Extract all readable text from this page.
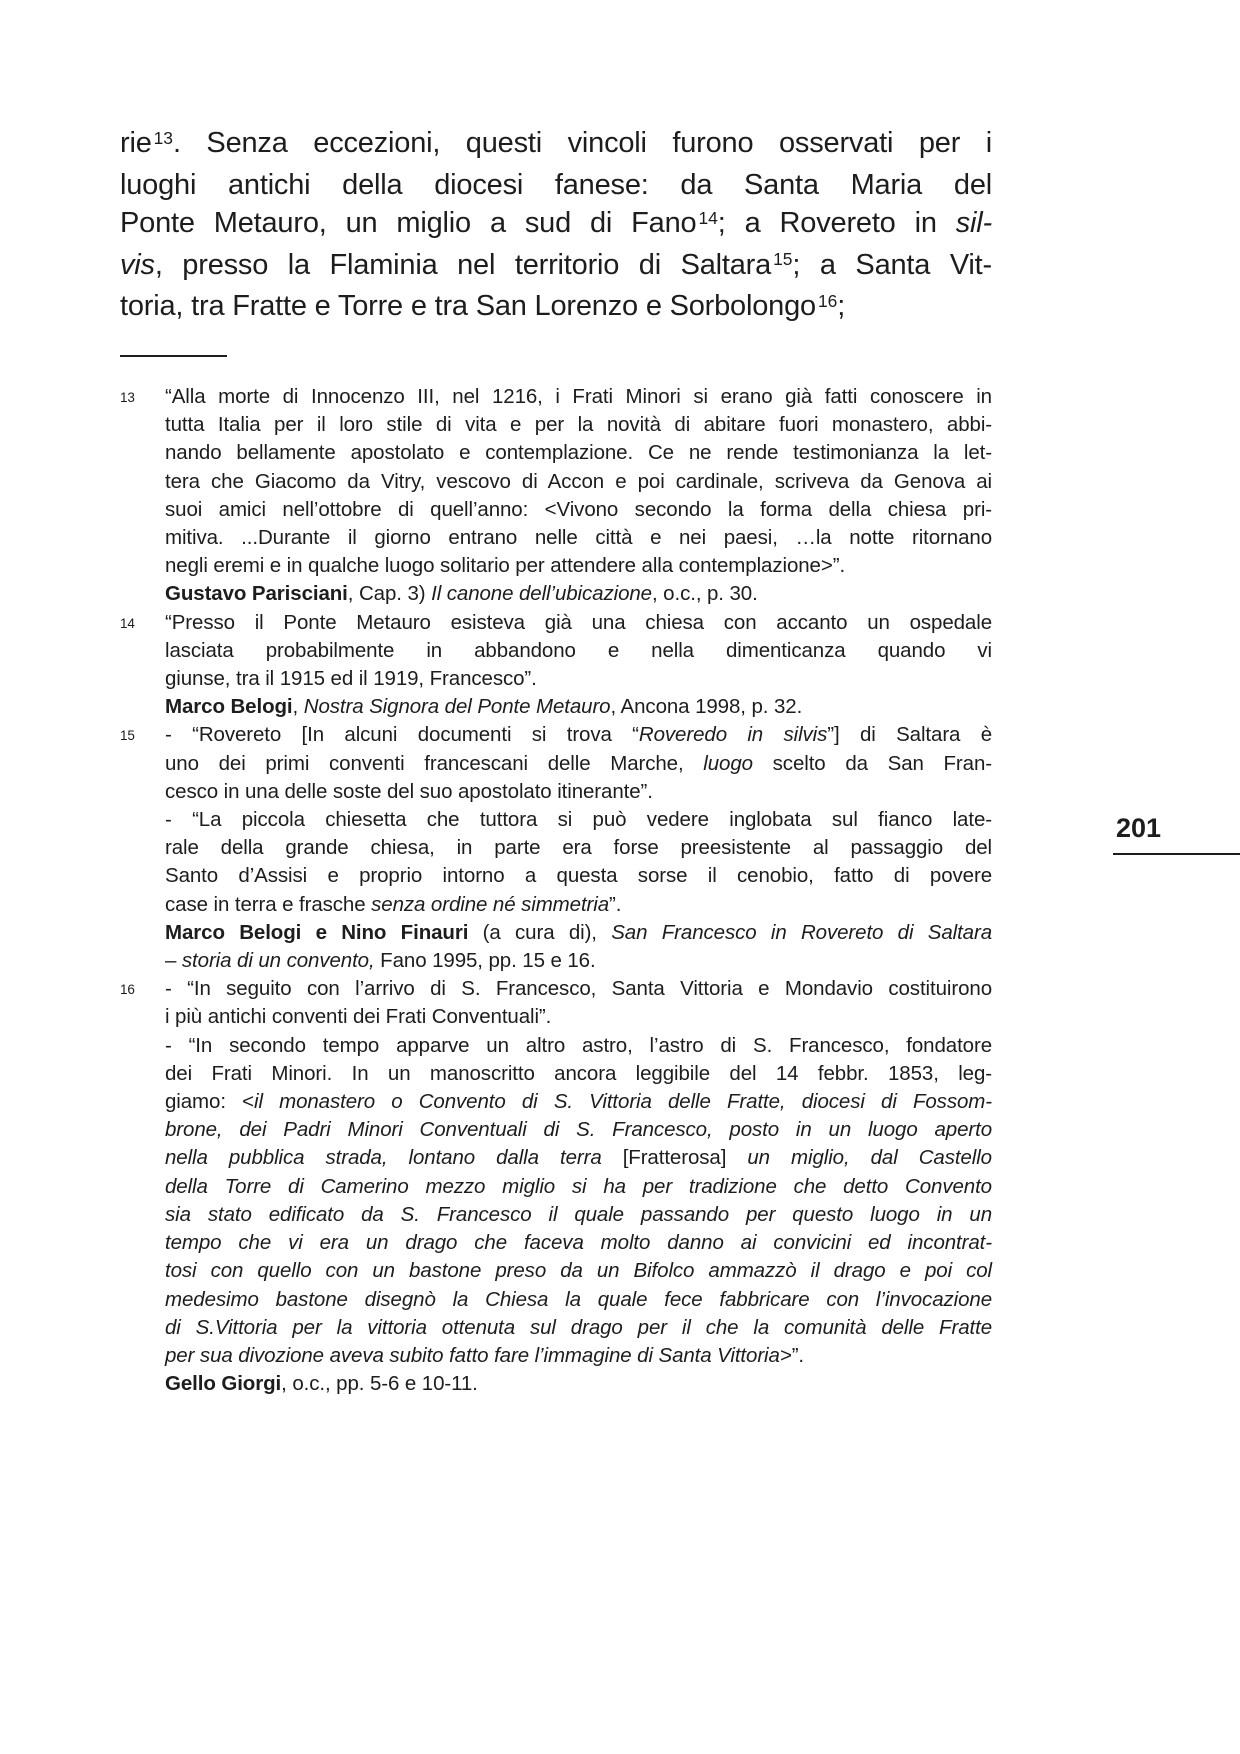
rie $^{13}$. Senza eccezioni, questi vincoli furono osservati per i
luoghi antichi della diocesi fanese: da Santa Maria del
Ponte Metauro, un miglio a sud di Fano $^{14}$; a Rovereto in sil-
vis, presso la Flaminia nel territorio di Saltara $^{15}$; a Santa Vit-
toria, tra Fratte e Torre e tra San Lorenzo e Sorbolongo $^{16}$;
13	“Alla morte di Innocenzo III, nel 1216, i Frati Minori si erano già fatti conoscere in
tutta Italia per il loro stile di vita e per la novità di abitare fuori monastero, abbi-
nando bellamente apostolato e contemplazione. Ce ne rende testimonianza la let-
tera che Giacomo da Vitry, vescovo di Accon e poi cardinale, scriveva da Genova ai
suoi amici nell’ottobre di quell’anno: <Vivono secondo la forma della chiesa pri-
mitiva. ...Durante il giorno entrano nelle città e nei paesi, …la notte ritornano
negli eremi e in qualche luogo solitario per attendere alla contemplazione>”.
Gustavo Parisciani, Cap. 3) Il canone dell’ubicazione, o.c., p. 30.
14	“Presso il Ponte Metauro esisteva già una chiesa con accanto un ospedale
lasciata probabilmente in abbandono e nella dimenticanza quando vi
giunse, tra il 1915 ed il 1919, Francesco”.
Marco Belogi, Nostra Signora del Ponte Metauro, Ancona 1998, p. 32.
15	- “Rovereto [In alcuni documenti si trova “Roveredo in silvis”] di Saltara è
uno dei primi conventi francescani delle Marche, luogo scelto da San Fran-
cesco in una delle soste del suo apostolato itinerante”.
- “La piccola chiesetta che tuttora si può vedere inglobata sul fianco late-
rale della grande chiesa, in parte era forse preesistente al passaggio del
Santo d’Assisi e proprio intorno a questa sorse il cenobio, fatto di povere
case in terra e frasche senza ordine né simmetria”.
Marco Belogi e Nino Finauri (a cura di), San Francesco in Rovereto di Saltara
– storia di un convento, Fano 1995, pp. 15 e 16.
16	- “In seguito con l’arrivo di S. Francesco, Santa Vittoria e Mondavio costituirono
i più antichi conventi dei Frati Conventuali”.
- “In secondo tempo apparve un altro astro, l’astro di S. Francesco, fondatore
dei Frati Minori. In un manoscritto ancora leggibile del 14 febbr. 1853, leg-
giamo: <il monastero o Convento di S. Vittoria delle Fratte, diocesi di Fossom-
brone, dei Padri Minori Conventuali di S. Francesco, posto in un luogo aperto
nella pubblica strada, lontano dalla terra [Fratterosa] un miglio, dal Castello
della Torre di Camerino mezzo miglio si ha per tradizione che detto Convento
sia stato edificato da S. Francesco il quale passando per questo luogo in un
tempo che vi era un drago che faceva molto danno ai convicini ed incontrat-
tosi con quello con un bastone preso da un Bifolco ammazzò il drago e poi col
medesimo bastone disegnò la Chiesa la quale fece fabbricare con l’invocazione
di S.Vittoria per la vittoria ottenuta sul drago per il che la comunità delle Fratte
per sua divozione aveva subito fatto fare l’immagine di Santa Vittoria>”.
Gello Giorgi, o.c., pp. 5-6 e 10-11.
201
